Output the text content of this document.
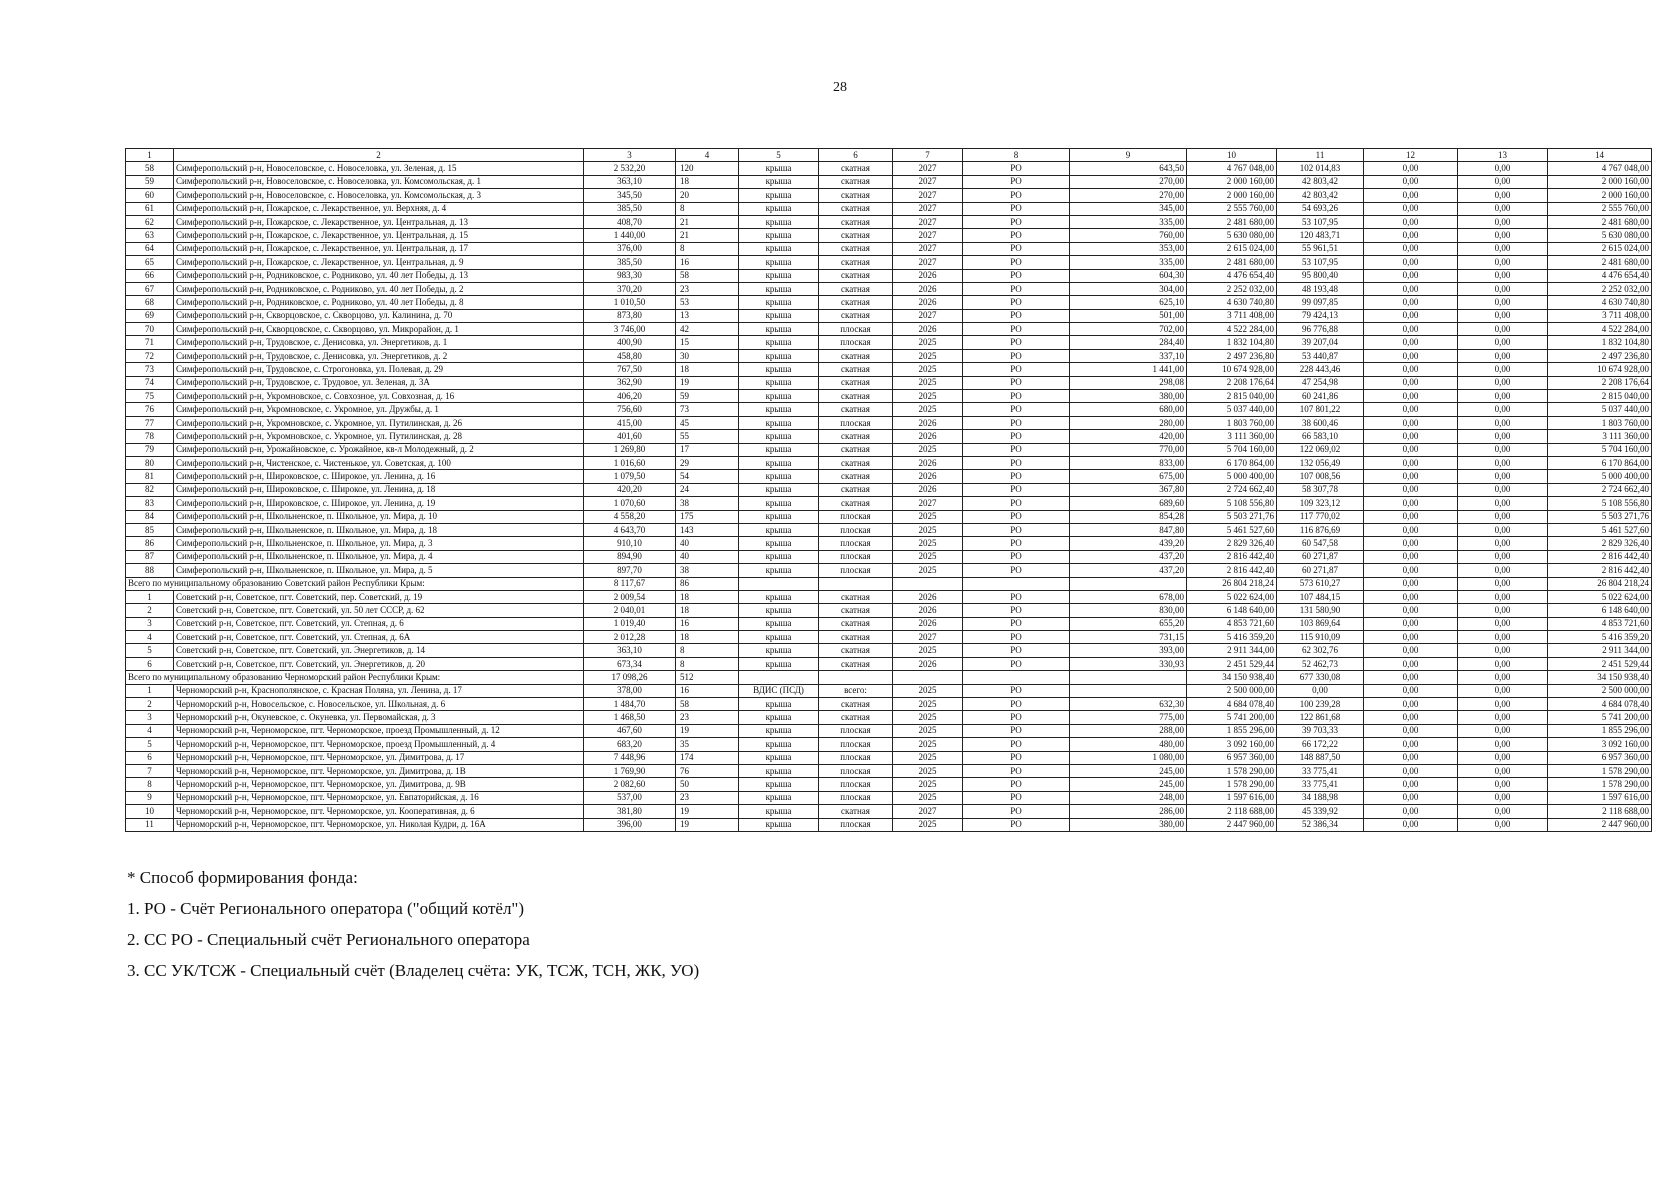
28
1	2	3	4	5	6	7	8	9	10	11	12	13	14
58	Симферопольский р-н, Новоселовское, с. Новоселовка, ул. Зеленая, д. 15	2 532,20	120	крыша	скатная	2027	РО	643,50	4 767 048,00	102 014,83	0,00	0,00	4 767 048,00
59	Симферопольский р-н, Новоселовское, с. Новоселовка, ул. Комсомольская, д. 1	363,10	18	крыша	скатная	2027	РО	270,00	2 000 160,00	42 803,42	0,00	0,00	2 000 160,00
60	Симферопольский р-н, Новоселовское, с. Новоселовка, ул. Комсомольская, д. 3	345,50	20	крыша	скатная	2027	РО	270,00	2 000 160,00	42 803,42	0,00	0,00	2 000 160,00
61	Симферопольский р-н, Пожарское, с. Лекарственное, ул. Верхняя, д. 4	385,50	8	крыша	скатная	2027	РО	345,00	2 555 760,00	54 693,26	0,00	0,00	2 555 760,00
62	Симферопольский р-н, Пожарское, с. Лекарственное, ул. Центральная, д. 13	408,70	21	крыша	скатная	2027	РО	335,00	2 481 680,00	53 107,95	0,00	0,00	2 481 680,00
63	Симферопольский р-н, Пожарское, с. Лекарственное, ул. Центральная, д. 15	1 440,00	21	крыша	скатная	2027	РО	760,00	5 630 080,00	120 483,71	0,00	0,00	5 630 080,00
64	Симферопольский р-н, Пожарское, с. Лекарственное, ул. Центральная, д. 17	376,00	8	крыша	скатная	2027	РО	353,00	2 615 024,00	55 961,51	0,00	0,00	2 615 024,00
65	Симферопольский р-н, Пожарское, с. Лекарственное, ул. Центральная, д. 9	385,50	16	крыша	скатная	2027	РО	335,00	2 481 680,00	53 107,95	0,00	0,00	2 481 680,00
66	Симферопольский р-н, Родниковское, с. Родниково, ул. 40 лет Победы, д. 13	983,30	58	крыша	скатная	2026	РО	604,30	4 476 654,40	95 800,40	0,00	0,00	4 476 654,40
67	Симферопольский р-н, Родниковское, с. Родниково, ул. 40 лет Победы, д. 2	370,20	23	крыша	скатная	2026	РО	304,00	2 252 032,00	48 193,48	0,00	0,00	2 252 032,00
68	Симферопольский р-н, Родниковское, с. Родниково, ул. 40 лет Победы, д. 8	1 010,50	53	крыша	скатная	2026	РО	625,10	4 630 740,80	99 097,85	0,00	0,00	4 630 740,80
69	Симферопольский р-н, Скворцовское, с. Скворцово, ул. Калинина, д. 70	873,80	13	крыша	скатная	2027	РО	501,00	3 711 408,00	79 424,13	0,00	0,00	3 711 408,00
70	Симферопольский р-н, Скворцовское, с. Скворцово, ул. Микрорайон, д. 1	3 746,00	42	крыша	плоская	2026	РО	702,00	4 522 284,00	96 776,88	0,00	0,00	4 522 284,00
71	Симферопольский р-н, Трудовское, с. Денисовка, ул. Энергетиков, д. 1	400,90	15	крыша	плоская	2025	РО	284,40	1 832 104,80	39 207,04	0,00	0,00	1 832 104,80
72	Симферопольский р-н, Трудовское, с. Денисовка, ул. Энергетиков, д. 2	458,80	30	крыша	скатная	2025	РО	337,10	2 497 236,80	53 440,87	0,00	0,00	2 497 236,80
73	Симферопольский р-н, Трудовское, с. Строгоновка, ул. Полевая, д. 29	767,50	18	крыша	скатная	2025	РО	1 441,00	10 674 928,00	228 443,46	0,00	0,00	10 674 928,00
74	Симферопольский р-н, Трудовское, с. Трудовое, ул. Зеленая, д. 3А	362,90	19	крыша	скатная	2025	РО	298,08	2 208 176,64	47 254,98	0,00	0,00	2 208 176,64
75	Симферопольский р-н, Укромновское, с. Совхозное, ул. Совхозная, д. 16	406,20	59	крыша	скатная	2025	РО	380,00	2 815 040,00	60 241,86	0,00	0,00	2 815 040,00
76	Симферопольский р-н, Укромновское, с. Укромное, ул. Дружбы, д. 1	756,60	73	крыша	скатная	2025	РО	680,00	5 037 440,00	107 801,22	0,00	0,00	5 037 440,00
77	Симферопольский р-н, Укромновское, с. Укромное, ул. Путилинская, д. 26	415,00	45	крыша	плоская	2026	РО	280,00	1 803 760,00	38 600,46	0,00	0,00	1 803 760,00
78	Симферопольский р-н, Укромновское, с. Укромное, ул. Путилинская, д. 28	401,60	55	крыша	скатная	2026	РО	420,00	3 111 360,00	66 583,10	0,00	0,00	3 111 360,00
79	Симферопольский р-н, Урожайновское, с. Урожайное, кв-л Молодежный, д. 2	1 269,80	17	крыша	скатная	2025	РО	770,00	5 704 160,00	122 069,02	0,00	0,00	5 704 160,00
80	Симферопольский р-н, Чистенское, с. Чистенькое, ул. Советская, д. 100	1 016,60	29	крыша	скатная	2026	РО	833,00	6 170 864,00	132 056,49	0,00	0,00	6 170 864,00
81	Симферопольский р-н, Широковское, с. Широкое, ул. Ленина, д. 16	1 079,50	54	крыша	скатная	2026	РО	675,00	5 000 400,00	107 008,56	0,00	0,00	5 000 400,00
82	Симферопольский р-н, Широковское, с. Широкое, ул. Ленина, д. 18	420,20	24	крыша	скатная	2026	РО	367,80	2 724 662,40	58 307,78	0,00	0,00	2 724 662,40
83	Симферопольский р-н, Широковское, с. Широкое, ул. Ленина, д. 19	1 070,60	38	крыша	скатная	2027	РО	689,60	5 108 556,80	109 323,12	0,00	0,00	5 108 556,80
84	Симферопольский р-н, Школьненское, п. Школьное, ул. Мира, д. 10	4 558,20	175	крыша	плоская	2025	РО	854,28	5 503 271,76	117 770,02	0,00	0,00	5 503 271,76
85	Симферопольский р-н, Школьненское, п. Школьное, ул. Мира, д. 18	4 643,70	143	крыша	плоская	2025	РО	847,80	5 461 527,60	116 876,69	0,00	0,00	5 461 527,60
86	Симферопольский р-н, Школьненское, п. Школьное, ул. Мира, д. 3	910,10	40	крыша	плоская	2025	РО	439,20	2 829 326,40	60 547,58	0,00	0,00	2 829 326,40
87	Симферопольский р-н, Школьненское, п. Школьное, ул. Мира, д. 4	894,90	40	крыша	плоская	2025	РО	437,20	2 816 442,40	60 271,87	0,00	0,00	2 816 442,40
88	Симферопольский р-н, Школьненское, п. Школьное, ул. Мира, д. 5	897,70	38	крыша	плоская	2025	РО	437,20	2 816 442,40	60 271,87	0,00	0,00	2 816 442,40
Всего по муниципальному образованию Советский район Республики Крым:		8 117,67	86						26 804 218,24	573 610,27	0,00	0,00	26 804 218,24
1	Советский р-н, Советское, пгт. Советский, пер. Советский, д. 19	2 009,54	18	крыша	скатная	2026	РО	678,00	5 022 624,00	107 484,15	0,00	0,00	5 022 624,00
2	Советский р-н, Советское, пгт. Советский, ул. 50 лет СССР, д. 62	2 040,01	18	крыша	скатная	2026	РО	830,00	6 148 640,00	131 580,90	0,00	0,00	6 148 640,00
3	Советский р-н, Советское, пгт. Советский, ул. Степная, д. 6	1 019,40	16	крыша	скатная	2026	РО	655,20	4 853 721,60	103 869,64	0,00	0,00	4 853 721,60
4	Советский р-н, Советское, пгт. Советский, ул. Степная, д. 6А	2 012,28	18	крыша	скатная	2027	РО	731,15	5 416 359,20	115 910,09	0,00	0,00	5 416 359,20
5	Советский р-н, Советское, пгт. Советский, ул. Энергетиков, д. 14	363,10	8	крыша	скатная	2025	РО	393,00	2 911 344,00	62 302,76	0,00	0,00	2 911 344,00
6	Советский р-н, Советское, пгт. Советский, ул. Энергетиков, д. 20	673,34	8	крыша	скатная	2026	РО	330,93	2 451 529,44	52 462,73	0,00	0,00	2 451 529,44
Всего по муниципальному образованию Черноморский район Республики Крым:		17 098,26	512						34 150 938,40	677 330,08	0,00	0,00	34 150 938,40
1	Черноморский р-н, Краснополянское, с. Красная Поляна, ул. Ленина, д. 17	378,00	16	ВДИС (ПСД)	всего:	2025	РО		2 500 000,00	0,00	0,00	0,00	2 500 000,00
2	Черноморский р-н, Новосельское, с. Новосельское, ул. Школьная, д. 6	1 484,70	58	крыша	скатная	2025	РО	632,30	4 684 078,40	100 239,28	0,00	0,00	4 684 078,40
3	Черноморский р-н, Окуневское, с. Окуневка, ул. Первомайская, д. 3	1 468,50	23	крыша	скатная	2025	РО	775,00	5 741 200,00	122 861,68	0,00	0,00	5 741 200,00
4	Черноморский р-н, Черноморское, пгт. Черноморское, проезд Промышленный, д. 12	467,60	19	крыша	плоская	2025	РО	288,00	1 855 296,00	39 703,33	0,00	0,00	1 855 296,00
5	Черноморский р-н, Черноморское, пгт. Черноморское, проезд Промышленный, д. 4	683,20	35	крыша	плоская	2025	РО	480,00	3 092 160,00	66 172,22	0,00	0,00	3 092 160,00
6	Черноморский р-н, Черноморское, пгт. Черноморское, ул. Димитрова, д. 17	7 448,96	174	крыша	плоская	2025	РО	1 080,00	6 957 360,00	148 887,50	0,00	0,00	6 957 360,00
7	Черноморский р-н, Черноморское, пгт. Черноморское, ул. Димитрова, д. 1В	1 769,90	76	крыша	плоская	2025	РО	245,00	1 578 290,00	33 775,41	0,00	0,00	1 578 290,00
8	Черноморский р-н, Черноморское, пгт. Черноморское, ул. Димитрова, д. 9В	2 082,60	50	крыша	плоская	2025	РО	245,00	1 578 290,00	33 775,41	0,00	0,00	1 578 290,00
9	Черноморский р-н, Черноморское, пгт. Черноморское, ул. Евпаторийская, д. 16	537,00	23	крыша	плоская	2025	РО	248,00	1 597 616,00	34 188,98	0,00	0,00	1 597 616,00
10	Черноморский р-н, Черноморское, пгт. Черноморское, ул. Кооперативная, д. 6	381,80	19	крыша	скатная	2027	РО	286,00	2 118 688,00	45 339,92	0,00	0,00	2 118 688,00
11	Черноморский р-н, Черноморское, пгт. Черноморское, ул. Николая Кудри, д. 16А	396,00	19	крыша	плоская	2025	РО	380,00	2 447 960,00	52 386,34	0,00	0,00	2 447 960,00
* Способ формирования фонда:
1. РО - Счёт Регионального оператора ("общий котёл")
2. СС РО - Специальный счёт Регионального оператора
3. СС УК/ТСЖ - Специальный счёт (Владелец счёта: УК, ТСЖ, ТСН, ЖК, УО)
